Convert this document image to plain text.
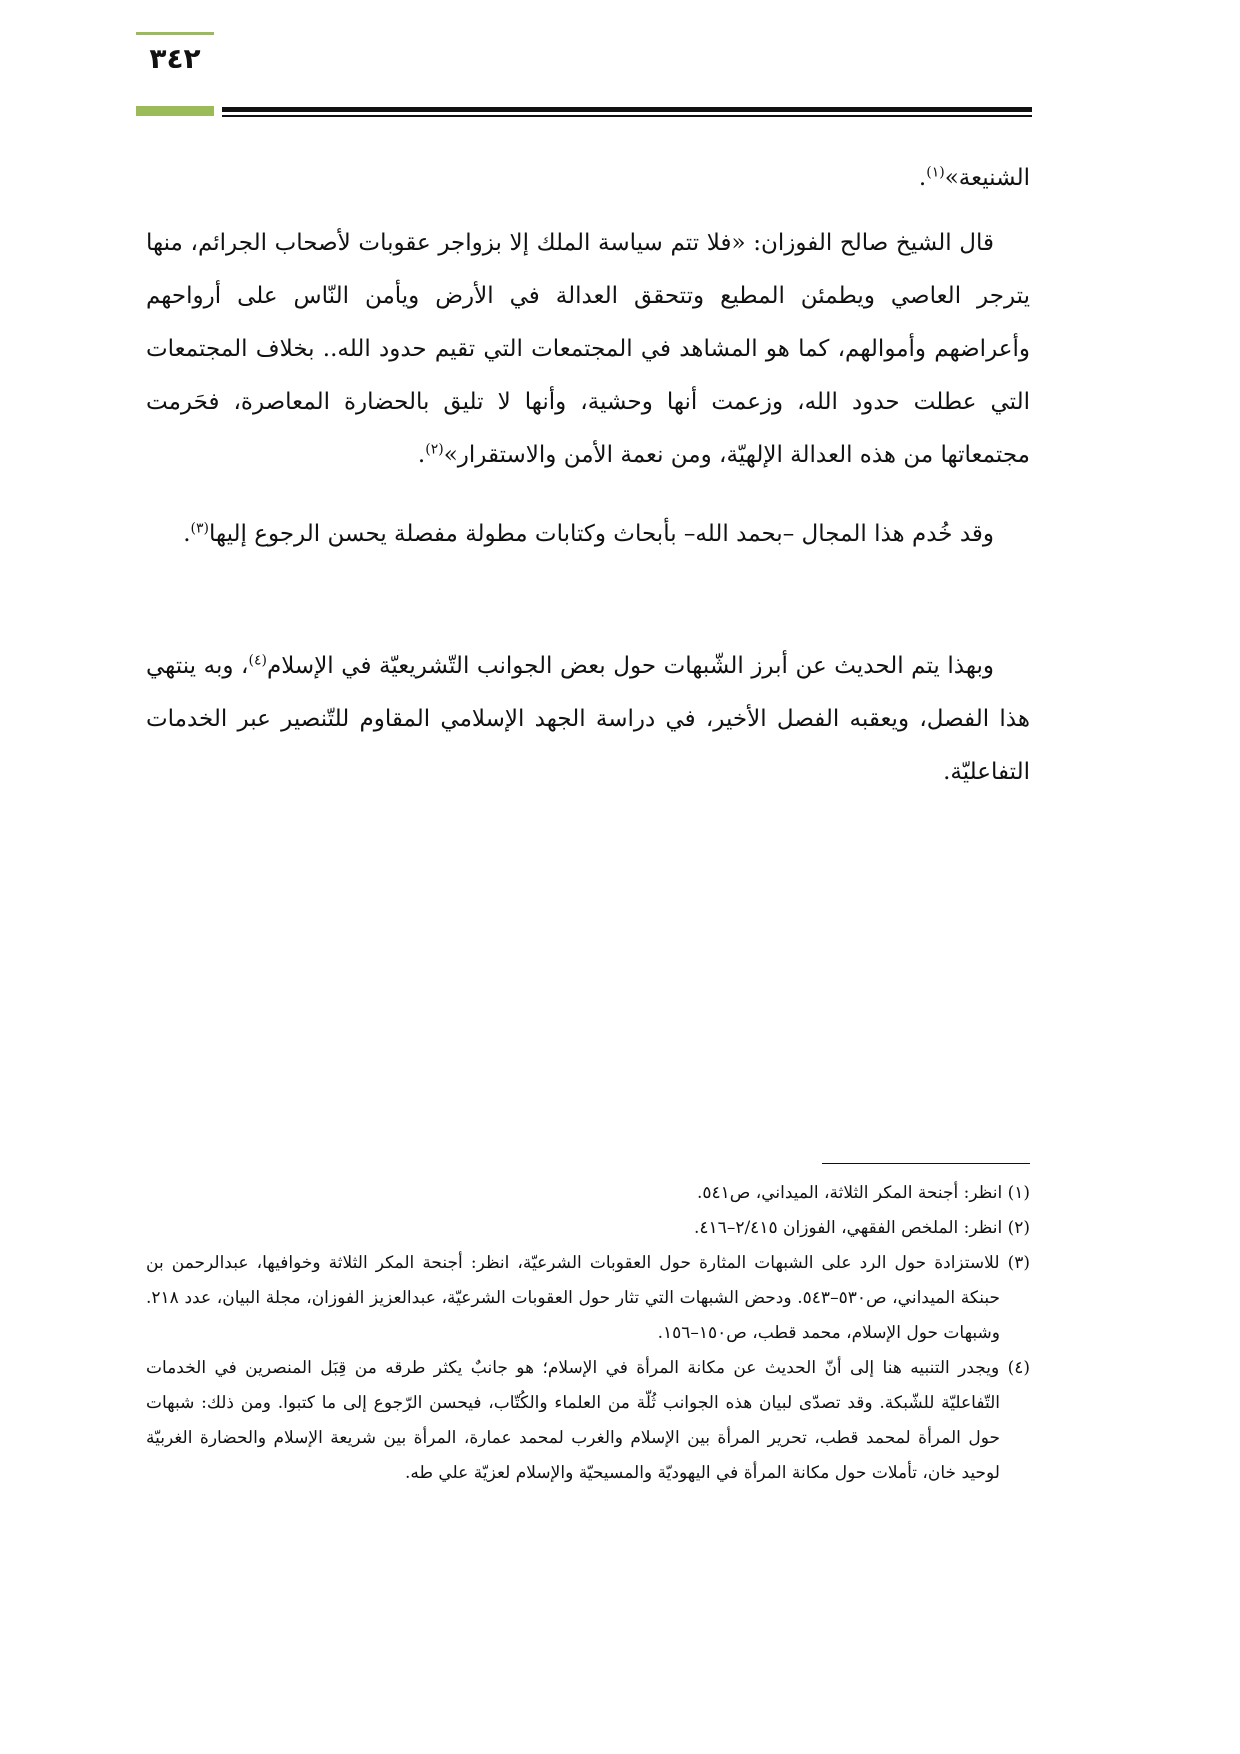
٣٤٢

الشنيعة»$^{(١)}$.

قال الشيخ صالح الفوزان: «فلا تتم سياسة الملك إلا بزواجر عقوبات لأصحاب الجرائم، منها يترجر العاصي ويطمئن المطيع وتتحقق العدالة في الأرض ويأمن النّاس على أرواحهم وأعراضهم وأموالهم، كما هو المشاهد في المجتمعات التي تقيم حدود الله.. بخلاف المجتمعات التي عطلت حدود الله، وزعمت أنها وحشية، وأنها لا تليق بالحضارة المعاصرة، فحَرمت مجتمعاتها من هذه العدالة الإلهيّة، ومن نعمة الأمن والاستقرار»$^{(٢)}$.

وقد خُدم هذا المجال –بحمد الله– بأبحاث وكتابات مطولة مفصلة يحسن الرجوع إليها$^{(٣)}$.

وبهذا يتم الحديث عن أبرز الشّبهات حول بعض الجوانب التّشريعيّة في الإسلام$^{(٤)}$، وبه ينتهي هذا الفصل، ويعقبه الفصل الأخير، في دراسة الجهد الإسلامي المقاوم للتّنصير عبر الخدمات التفاعليّة.

(١) انظر: أجنحة المكر الثلاثة، الميداني، ص٥٤١.

(٢) انظر: الملخص الفقهي، الفوزان ٢/٤١٥–٤١٦.

(٣) للاستزادة حول الرد على الشبهات المثارة حول العقوبات الشرعيّة، انظر: أجنحة المكر الثلاثة وخوافيها، عبدالرحمن بن حبنكة الميداني، ص٥٣٠–٥٤٣. ودحض الشبهات التي تثار حول العقوبات الشرعيّة، عبدالعزيز الفوزان، مجلة البيان، عدد ٢١٨. وشبهات حول الإسلام، محمد قطب، ص١٥٠–١٥٦.

(٤) ويجدر التنبيه هنا إلى أنّ الحديث عن مكانة المرأة في الإسلام؛ هو جانبٌ يكثر طرقه من قِبَل المنصرين في الخدمات التّفاعليّة للشّبكة. وقد تصدّى لبيان هذه الجوانب ثُلّة من العلماء والكُتّاب، فيحسن الرّجوع إلى ما كتبوا. ومن ذلك: شبهات حول المرأة لمحمد قطب، تحرير المرأة بين الإسلام والغرب لمحمد عمارة، المرأة بين شريعة الإسلام والحضارة الغربيّة لوحيد خان، تأملات حول مكانة المرأة في اليهوديّة والمسيحيّة والإسلام لعزيّة علي طه.
